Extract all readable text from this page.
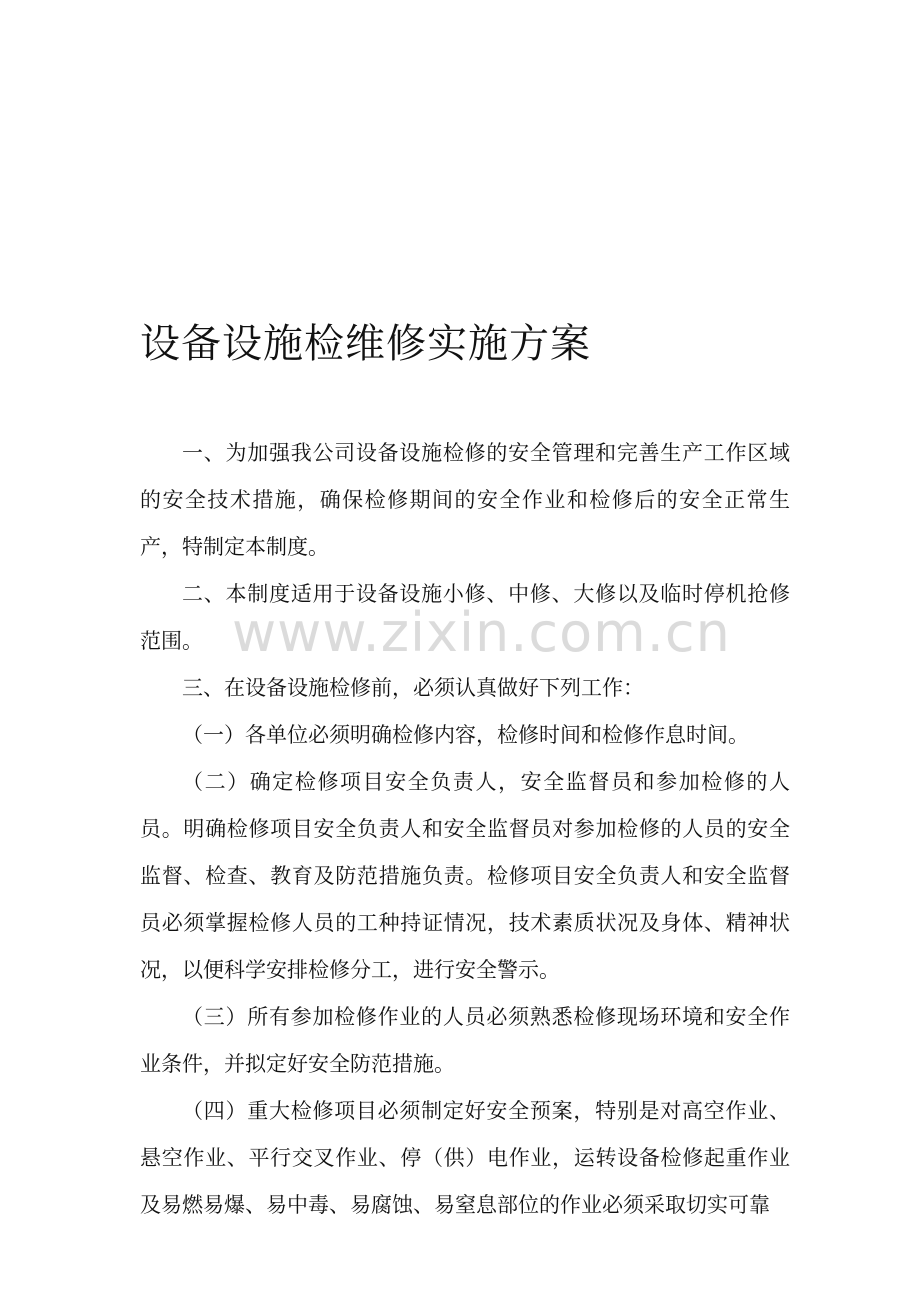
设备设施检维修实施方案

一、为加强我公司设备设施检修的安全管理和完善生产工作区域的安全技术措施，确保检修期间的安全作业和检修后的安全正常生产，特制定本制度。

二、本制度适用于设备设施小修、中修、大修以及临时停机抢修范围。

三、在设备设施检修前，必须认真做好下列工作：

（一）各单位必须明确检修内容，检修时间和检修作息时间。

（二）确定检修项目安全负责人，安全监督员和参加检修的人员。明确检修项目安全负责人和安全监督员对参加检修的人员的安全监督、检查、教育及防范措施负责。检修项目安全负责人和安全监督员必须掌握检修人员的工种持证情况，技术素质状况及身体、精神状况，以便科学安排检修分工，进行安全警示。

（三）所有参加检修作业的人员必须熟悉检修现场环境和安全作业条件，并拟定好安全防范措施。

（四）重大检修项目必须制定好安全预案，特别是对高空作业、悬空作业、平行交叉作业、停（供）电作业，运转设备检修起重作业及易燃易爆、易中毒、易腐蚀、易窒息部位的作业必须采取切实可靠

www.zixin.com.cn
